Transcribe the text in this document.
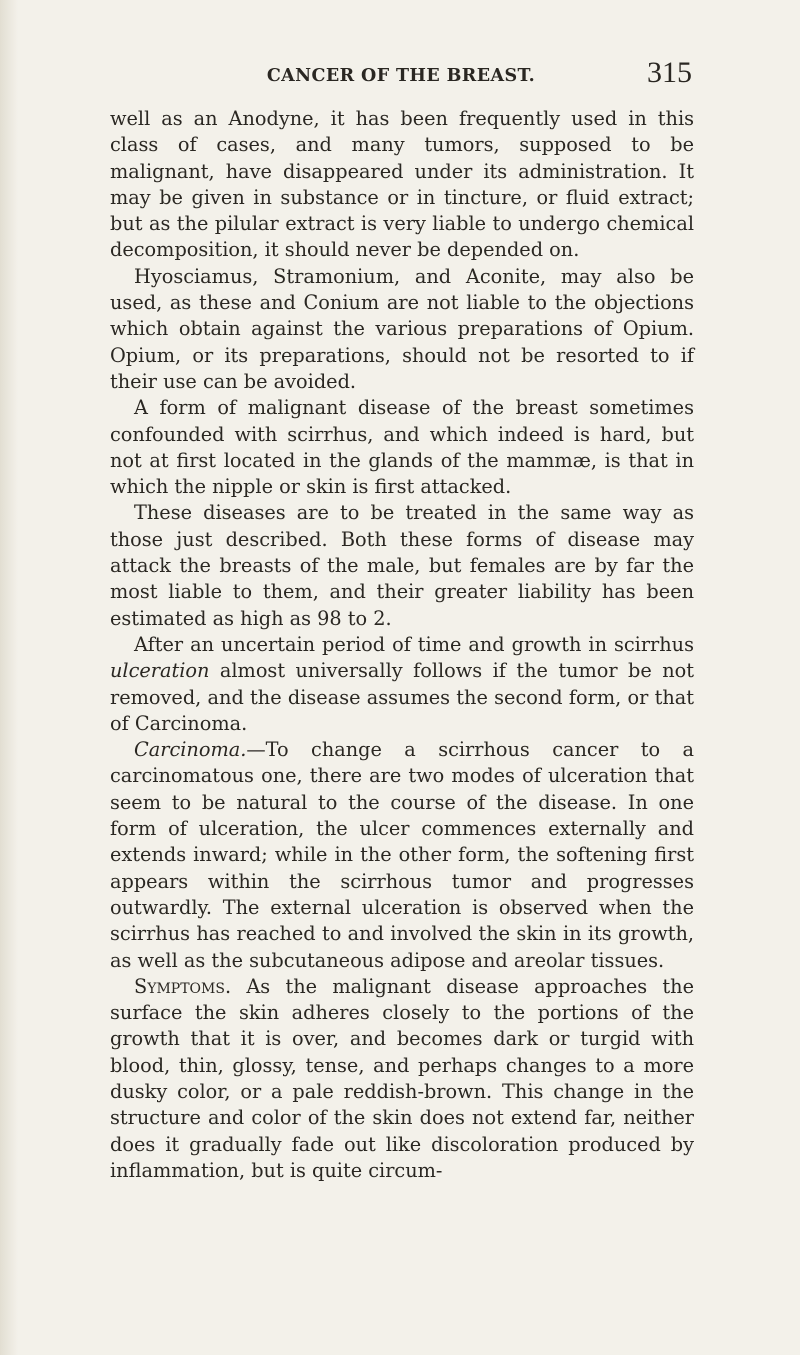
CANCER OF THE BREAST.	315

well as an Anodyne, it has been frequently used in this class of cases, and many tumors, supposed to be malignant, have disappeared under its administration. It may be given in substance or in tincture, or fluid extract; but as the pilular extract is very liable to undergo chemical decomposition, it should never be depended on.

Hyosciamus, Stramonium, and Aconite, may also be used, as these and Conium are not liable to the objections which obtain against the various preparations of Opium. Opium, or its preparations, should not be resorted to if their use can be avoided.

A form of malignant disease of the breast sometimes confounded with scirrhus, and which indeed is hard, but not at first located in the glands of the mammæ, is that in which the nipple or skin is first attacked.

These diseases are to be treated in the same way as those just described. Both these forms of disease may attack the breasts of the male, but females are by far the most liable to them, and their greater liability has been estimated as high as 98 to 2.

After an uncertain period of time and growth in scirrhus ulceration almost universally follows if the tumor be not removed, and the disease assumes the second form, or that of Carcinoma.

Carcinoma.—To change a scirrhous cancer to a carcinomatous one, there are two modes of ulceration that seem to be natural to the course of the disease. In one form of ulceration, the ulcer commences externally and extends inward; while in the other form, the softening first appears within the scirrhous tumor and progresses outwardly. The external ulceration is observed when the scirrhus has reached to and involved the skin in its growth, as well as the subcutaneous adipose and areolar tissues.

Symptoms. As the malignant disease approaches the surface the skin adheres closely to the portions of the growth that it is over, and becomes dark or turgid with blood, thin, glossy, tense, and perhaps changes to a more dusky color, or a pale reddish-brown. This change in the structure and color of the skin does not extend far, neither does it gradually fade out like discoloration produced by inflammation, but is quite circum-
